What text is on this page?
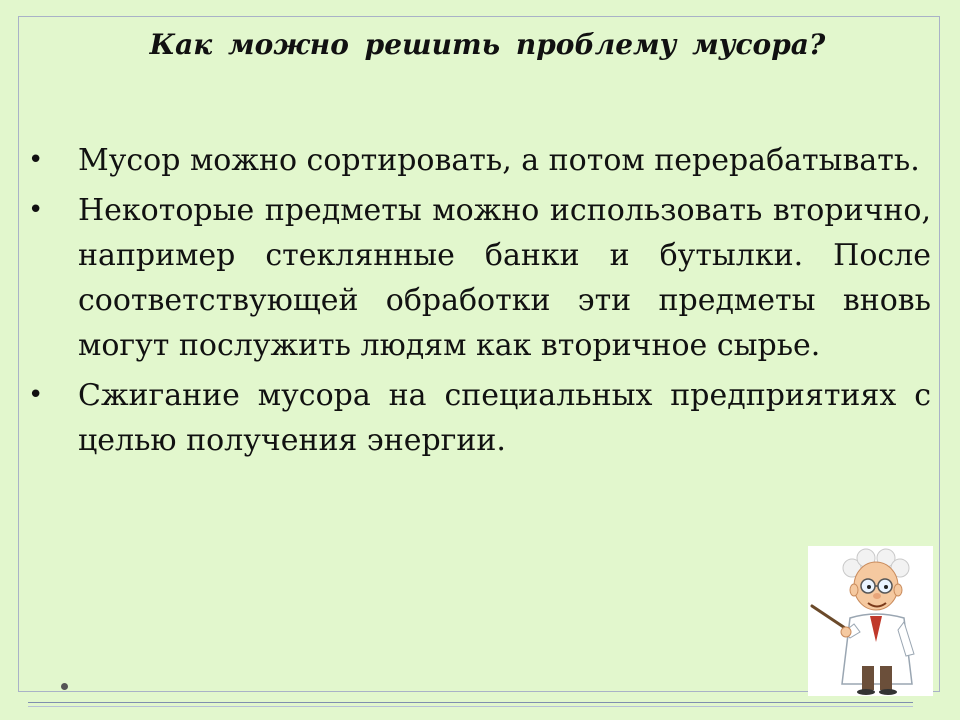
Как можно решить проблему мусора?
• Мусор можно сортировать, а потом перерабатывать.
• Некоторые предметы можно использовать вторично, например стеклянные банки и бутылки. После соответствующей обработки эти предметы вновь могут послужить людям как вторичное сырье.
• Сжигание мусора на специальных предприятиях с целью получения энергии.
